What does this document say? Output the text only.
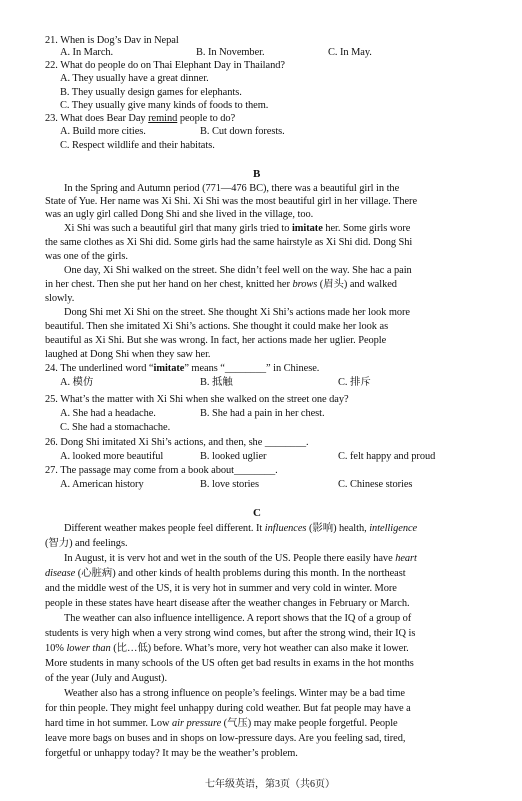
21. When is Dog’s Dav in Nepal
A. In March.	B. In November.	C. In May.
22. What do people do on Thai Elephant Day in Thailand?
A. They usually have a great dinner.
B. They usually design games for elephants.
C. They usually give many kinds of foods to them.
23. What does Bear Day remind people to do?
A. Build more cities.	B. Cut down forests.
C. Respect wildlife and their habitats.
B
In the Spring and Autumn period (771—476 BC), there was a beautiful girl in the
State of Yue. Her name was Xi Shi. Xi Shi was the most beautiful girl in her village. There
was an ugly girl called Dong Shi and she lived in the village, too.
Xi Shi was such a beautiful girl that many girls tried to imitate her. Some girls wore
the same clothes as Xi Shi did. Some girls had the same hairstyle as Xi Shi did. Dong Shi
was one of the girls.
One day, Xi Shi walked on the street. She didn’t feel well on the way. She hac a pain
in her chest. Then she put her hand on her chest, knitted her brows (眉头) and walked
slowly.
Dong Shi met Xi Shi on the street. She thought Xi Shi’s actions made her look more
beautiful. Then she imitated Xi Shi’s actions. She thought it could make her look as
beautiful as Xi Shi. But she was wrong. In fact, her actions made her uglier. People
laughed at Dong Shi when they saw her.
24. The underlined word “imitate” means “________” in Chinese.
A. 模仿	B. 抵触	C. 排斥
25. What’s the matter with Xi Shi when she walked on the street one day?
A. She had a headache.	B. She had a pain in her chest.
C. She had a stomachache.
26. Dong Shi imitated Xi Shi’s actions, and then, she ________.
A. looked more beautiful	B. looked uglier	C. felt happy and proud
27. The passage may come from a book about________.
A. American history	B. love stories	C. Chinese stories
C
Different weather makes people feel different. It influences (影响) health, intelligence
(智力) and feelings.
In August, it is verv hot and wet in the south of the US. People there easily have heart
disease (心脏病) and other kinds of health problems during this month. In the northeast
and the middle west of the US, it is very hot in summer and very cold in winter. More
people in these states have heart disease after the weather changes in February or March.
The weather can also influence intelligence. A report shows that the IQ of a group of
students is very high when a very strong wind comes, but after the strong wind, their IQ is
10% lower than (比…低) before. What’s more, very hot weather can also make it lower.
More students in many schools of the US often get bad results in exams in the hot months
of the year (July and August).
Weather also has a strong influence on people’s feelings. Winter may be a bad time
for thin people. They might feel unhappy during cold weather. But fat people may have a
hard time in hot summer. Low air pressure (气压) may make people forgetful. People
leave more bags on buses and in shops on low-pressure days. Are you feeling sad, tired,
forgetful or unhappy today? It may be the weather’s problem.
七年级英语，第3页（共6页）
